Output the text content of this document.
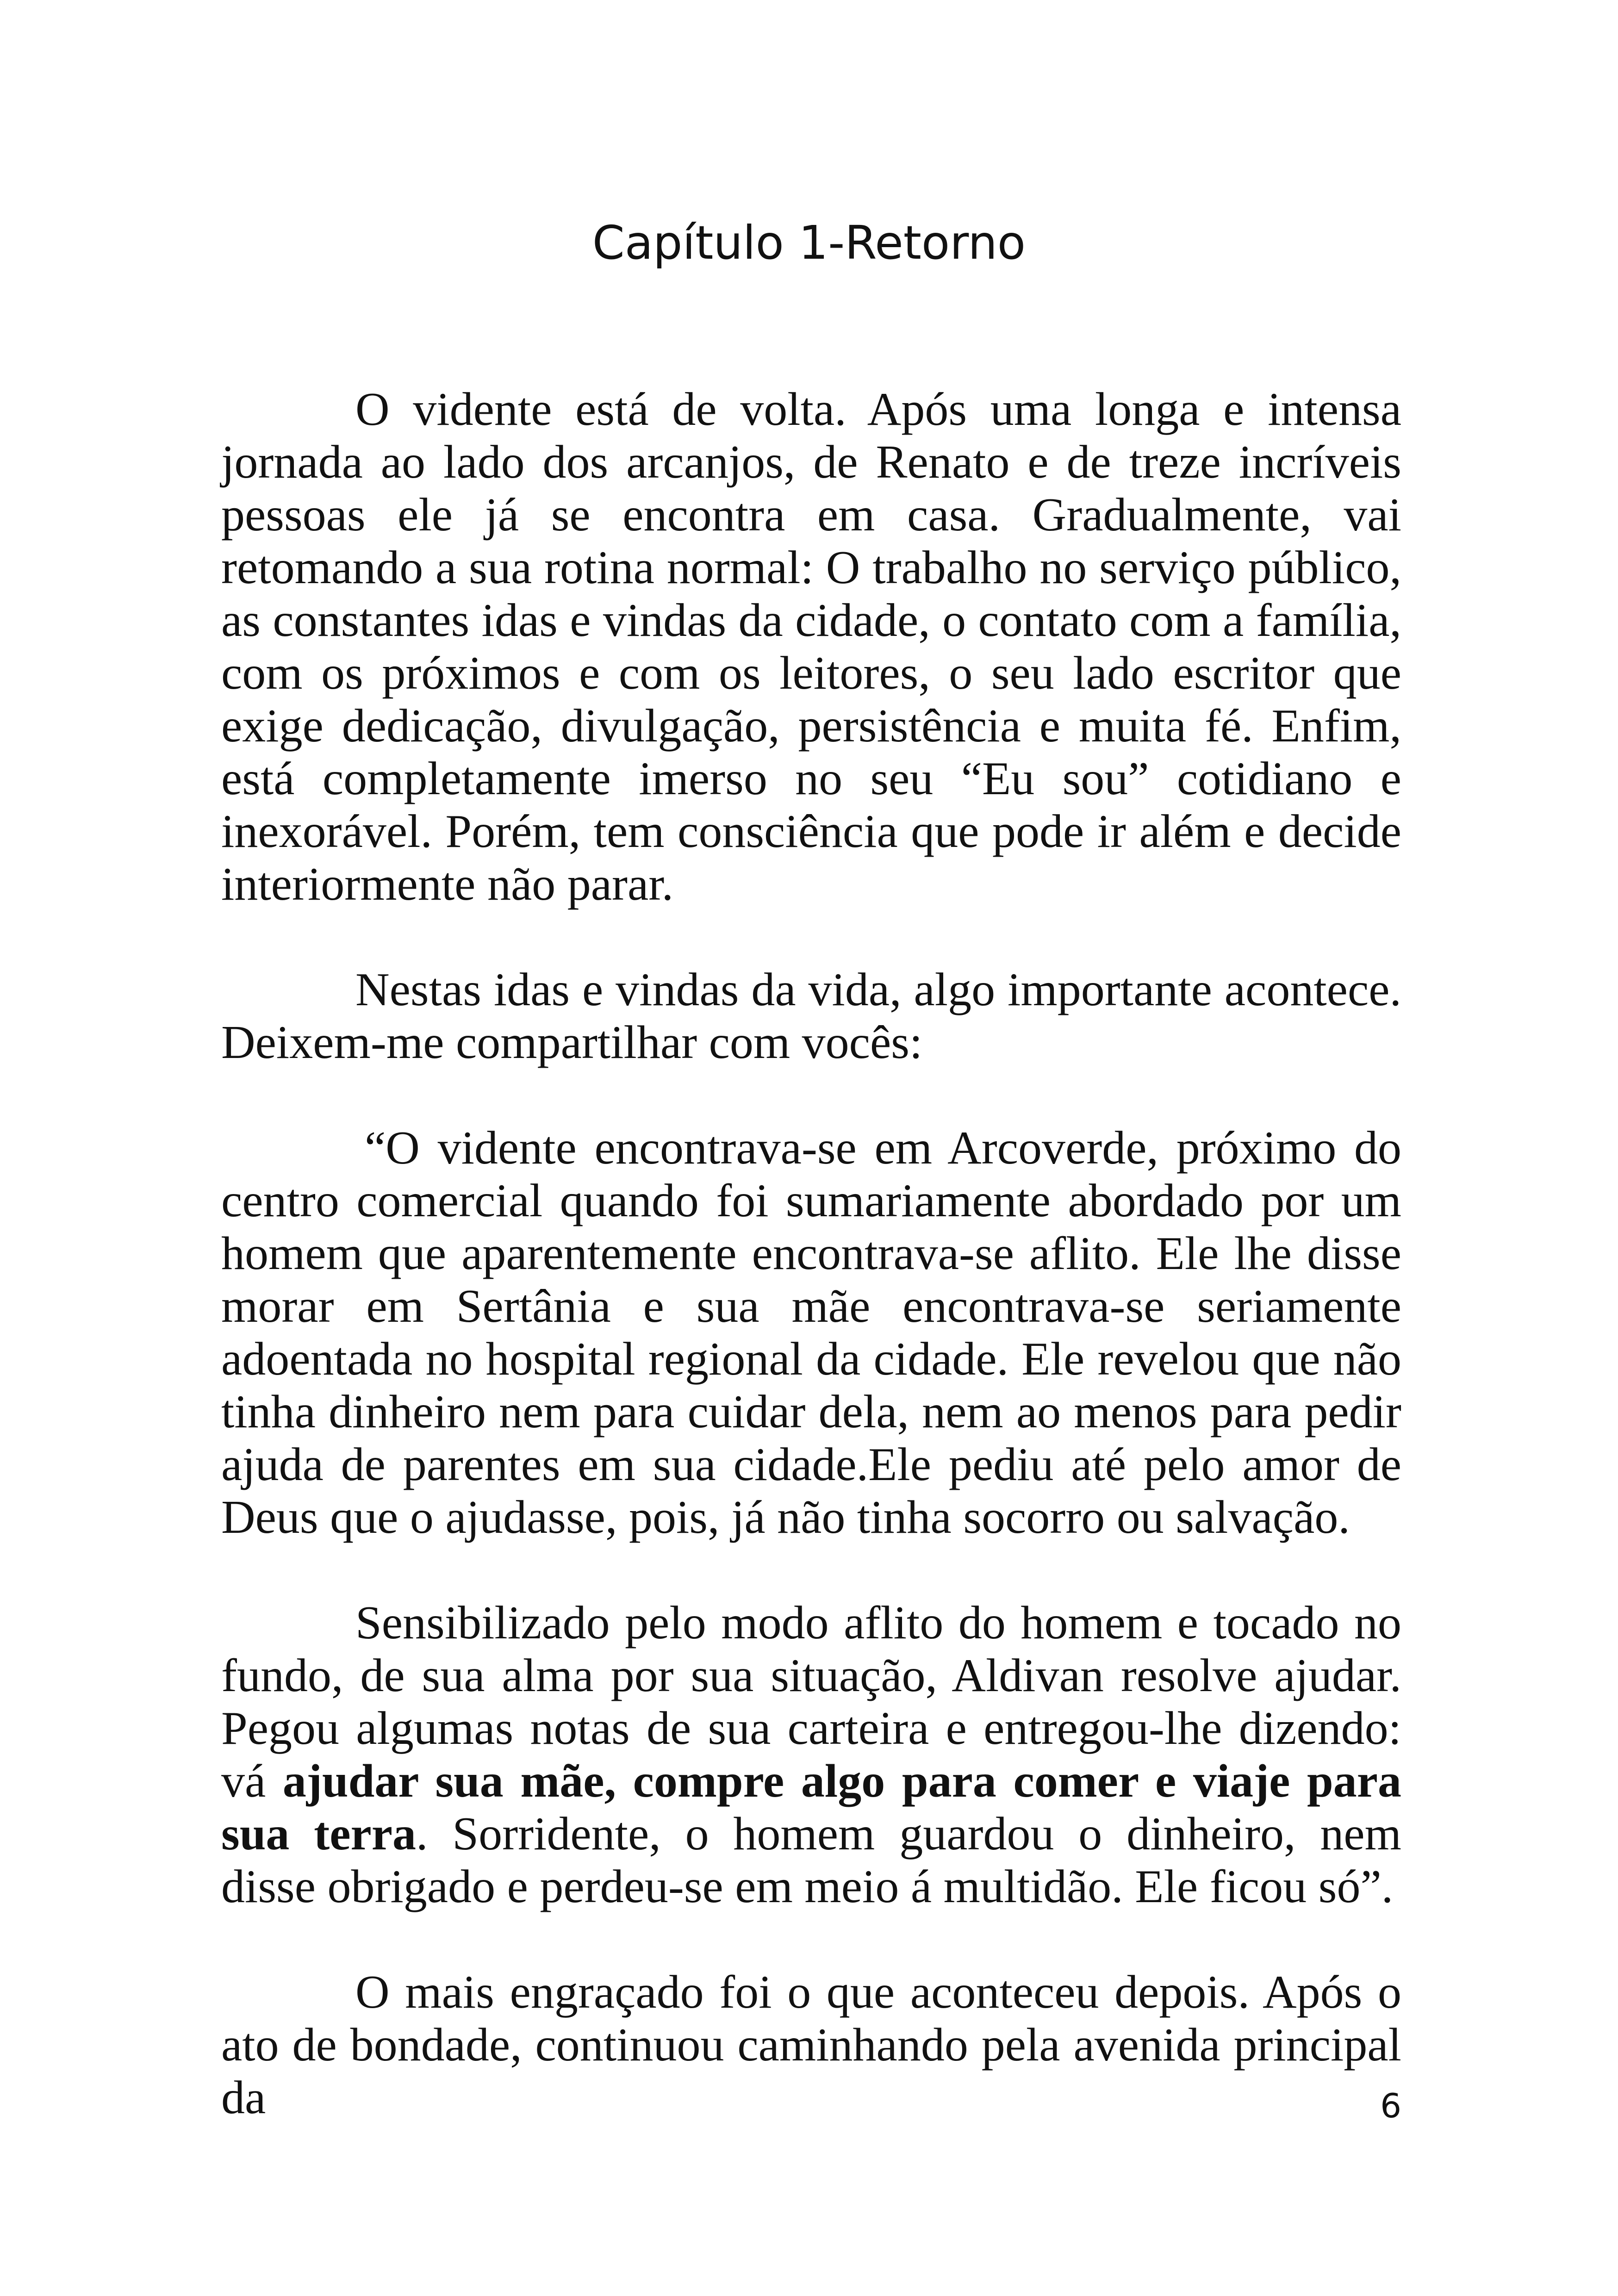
Capítulo 1-Retorno

O vidente está de volta. Após uma longa e intensa jornada ao lado dos arcanjos, de Renato e de treze incríveis pessoas ele já se encontra em casa. Gradualmente, vai retomando a sua rotina normal: O trabalho no serviço público, as constantes idas e vindas da cidade, o contato com a família, com os próximos e com os leitores, o seu lado escritor que exige dedicação, divulgação, persistência e muita fé. Enfim, está completamente imerso no seu “Eu sou” cotidiano e inexorável. Porém, tem consciência que pode ir além e decide interiormente não parar.

Nestas idas e vindas da vida, algo importante acontece. Deixem-me compartilhar com vocês:

“O vidente encontrava-se em Arcoverde, próximo do centro comercial quando foi sumariamente abordado por um homem que aparentemente encontrava-se aflito. Ele lhe disse morar em Sertânia e sua mãe encontrava-se seriamente adoentada no hospital regional da cidade. Ele revelou que não tinha dinheiro nem para cuidar dela, nem ao menos para pedir ajuda de parentes em sua cidade.Ele pediu até pelo amor de Deus que o ajudasse, pois, já não tinha socorro ou salvação.

Sensibilizado pelo modo aflito do homem e tocado no fundo, de sua alma por sua situação, Aldivan resolve ajudar. Pegou algumas notas de sua carteira e entregou-lhe dizendo: vá ajudar sua mãe, compre algo para comer e viaje para sua terra. Sorridente, o homem guardou o dinheiro, nem disse obrigado e perdeu-se em meio á multidão. Ele ficou só”.

O mais engraçado foi o que aconteceu depois. Após o ato de bondade, continuou caminhando pela avenida principal da	6
